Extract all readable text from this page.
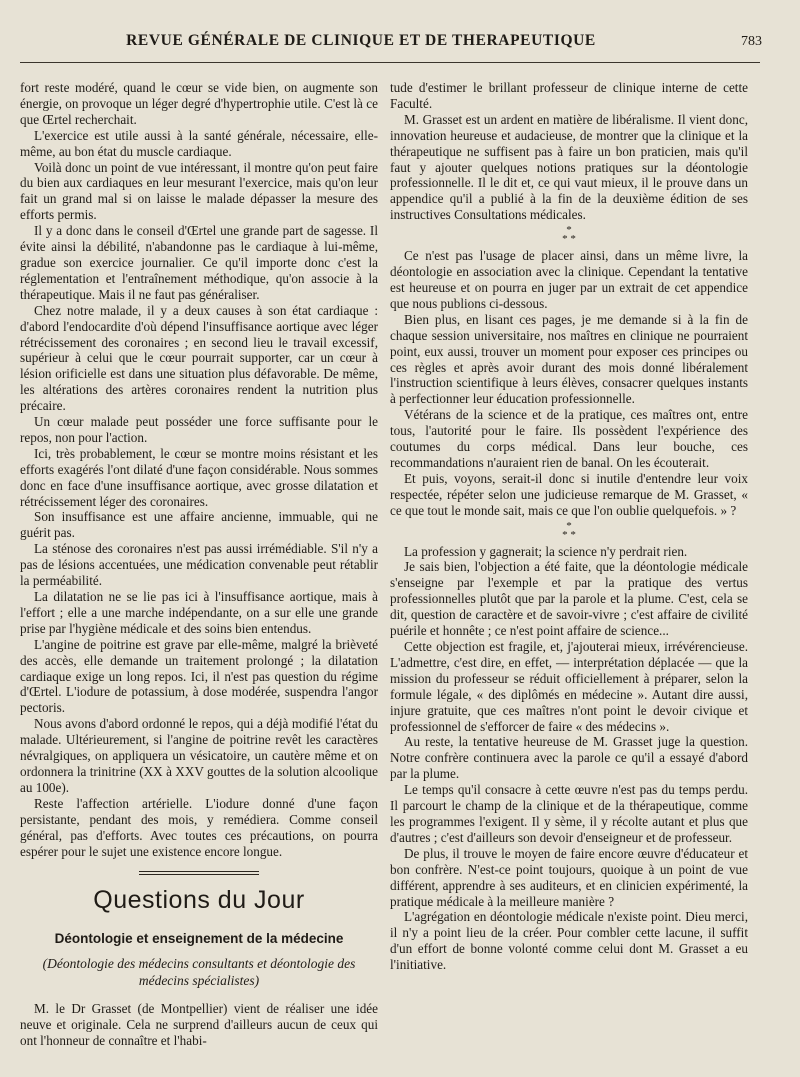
REVUE GÉNÉRALE DE CLINIQUE ET DE THERAPEUTIQUE	783

fort reste modéré, quand le cœur se vide bien, on augmente son énergie, on provoque un léger degré d'hypertrophie utile. C'est là ce que Œrtel recherchait.

L'exercice est utile aussi à la santé générale, nécessaire, elle-même, au bon état du muscle cardiaque.

Voilà donc un point de vue intéressant, il montre qu'on peut faire du bien aux cardiaques en leur mesurant l'exercice, mais qu'on leur fait un grand mal si on laisse le malade dépasser la mesure des efforts permis.

Il y a donc dans le conseil d'Œrtel une grande part de sagesse. Il évite ainsi la débilité, n'abandonne pas le cardiaque à lui-même, gradue son exercice journalier. Ce qu'il importe donc c'est la réglementation et l'entraînement méthodique, qu'on associe à la thérapeutique. Mais il ne faut pas généraliser.

Chez notre malade, il y a deux causes à son état cardiaque : d'abord l'endocardite d'où dépend l'insuffisance aortique avec léger rétrécissement des coronaires ; en second lieu le travail excessif, supérieur à celui que le cœur pourrait supporter, car un cœur à lésion orificielle est dans une situation plus défavorable. De même, les altérations des artères coronaires rendent la nutrition plus précaire.

Un cœur malade peut posséder une force suffisante pour le repos, non pour l'action.

Ici, très probablement, le cœur se montre moins résistant et les efforts exagérés l'ont dilaté d'une façon considérable. Nous sommes donc en face d'une insuffisance aortique, avec grosse dilatation et rétrécissement léger des coronaires.

Son insuffisance est une affaire ancienne, immuable, qui ne guérit pas.

La sténose des coronaires n'est pas aussi irrémédiable. S'il n'y a pas de lésions accentuées, une médication convenable peut rétablir la perméabilité.

La dilatation ne se lie pas ici à l'insuffisance aortique, mais à l'effort ; elle a une marche indépendante, on a sur elle une grande prise par l'hygiène médicale et des soins bien entendus.

L'angine de poitrine est grave par elle-même, malgré la brièveté des accès, elle demande un traitement prolongé ; la dilatation cardiaque exige un long repos. Ici, il n'est pas question du régime d'Œrtel. L'iodure de potassium, à dose modérée, suspendra l'angor pectoris.

Nous avons d'abord ordonné le repos, qui a déjà modifié l'état du malade. Ultérieurement, si l'angine de poitrine revêt les caractères névralgiques, on appliquera un vésicatoire, un cautère même et on ordonnera la trinitrine (XX à XXV gouttes de la solution alcoolique au 100e).

Reste l'affection artérielle. L'iodure donné d'une façon persistante, pendant des mois, y remédiera. Comme conseil général, pas d'efforts. Avec toutes ces précautions, on pourra espérer pour le sujet une existence encore longue.

Questions du Jour
Déontologie et enseignement de la médecine
(Déontologie des médecins consultants et déontologie des médecins spécialistes)

M. le Dr Grasset (de Montpellier) vient de réaliser une idée neuve et originale. Cela ne surprend d'ailleurs aucun de ceux qui ont l'honneur de connaître et l'habi-

tude d'estimer le brillant professeur de clinique interne de cette Faculté.

M. Grasset est un ardent en matière de libéralisme. Il vient donc, innovation heureuse et audacieuse, de montrer que la clinique et la thérapeutique ne suffisent pas à faire un bon praticien, mais qu'il faut y ajouter quelques notions pratiques sur la déontologie professionnelle. Il le dit et, ce qui vaut mieux, il le prouve dans un appendice qu'il a publié à la fin de la deuxième édition de ses instructives Consultations médicales.

*
* *

Ce n'est pas l'usage de placer ainsi, dans un même livre, la déontologie en association avec la clinique. Cependant la tentative est heureuse et on pourra en juger par un extrait de cet appendice que nous publions ci-dessous.

Bien plus, en lisant ces pages, je me demande si à la fin de chaque session universitaire, nos maîtres en clinique ne pourraient point, eux aussi, trouver un moment pour exposer ces principes ou ces règles et après avoir durant des mois donné libéralement l'instruction scientifique à leurs élèves, consacrer quelques instants à perfectionner leur éducation professionnelle.

Vétérans de la science et de la pratique, ces maîtres ont, entre tous, l'autorité pour le faire. Ils possèdent l'expérience des coutumes du corps médical. Dans leur bouche, ces recommandations n'auraient rien de banal. On les écouterait.

Et puis, voyons, serait-il donc si inutile d'entendre leur voix respectée, répéter selon une judicieuse remarque de M. Grasset, « ce que tout le monde sait, mais ce que l'on oublie quelquefois. » ?

*
* *

La profession y gagnerait; la science n'y perdrait rien.

Je sais bien, l'objection a été faite, que la déontologie médicale s'enseigne par l'exemple et par la pratique des vertus professionnelles plutôt que par la parole et la plume. C'est, cela se dit, question de caractère et de savoir-vivre ; c'est affaire de civilité puérile et honnête ; ce n'est point affaire de science...

Cette objection est fragile, et, j'ajouterai mieux, irrévérencieuse. L'admettre, c'est dire, en effet, — interprétation déplacée — que la mission du professeur se réduit officiellement à préparer, selon la formule légale, « des diplômés en médecine ». Autant dire aussi, injure gratuite, que ces maîtres n'ont point le devoir civique et professionnel de s'efforcer de faire « des médecins ».

Au reste, la tentative heureuse de M. Grasset juge la question. Notre confrère continuera avec la parole ce qu'il a essayé d'abord par la plume.

Le temps qu'il consacre à cette œuvre n'est pas du temps perdu. Il parcourt le champ de la clinique et de la thérapeutique, comme les programmes l'exigent. Il y sème, il y récolte autant et plus que d'autres ; c'est d'ailleurs son devoir d'enseigneur et de professeur.

De plus, il trouve le moyen de faire encore œuvre d'éducateur et bon confrère. N'est-ce point toujours, quoique à un point de vue différent, apprendre à ses auditeurs, et en clinicien expérimenté, la pratique médicale à la meilleure manière ?

L'agrégation en déontologie médicale n'existe point. Dieu merci, il n'y a point lieu de la créer. Pour combler cette lacune, il suffit d'un effort de bonne volonté comme celui dont M. Grasset a eu l'initiative.
